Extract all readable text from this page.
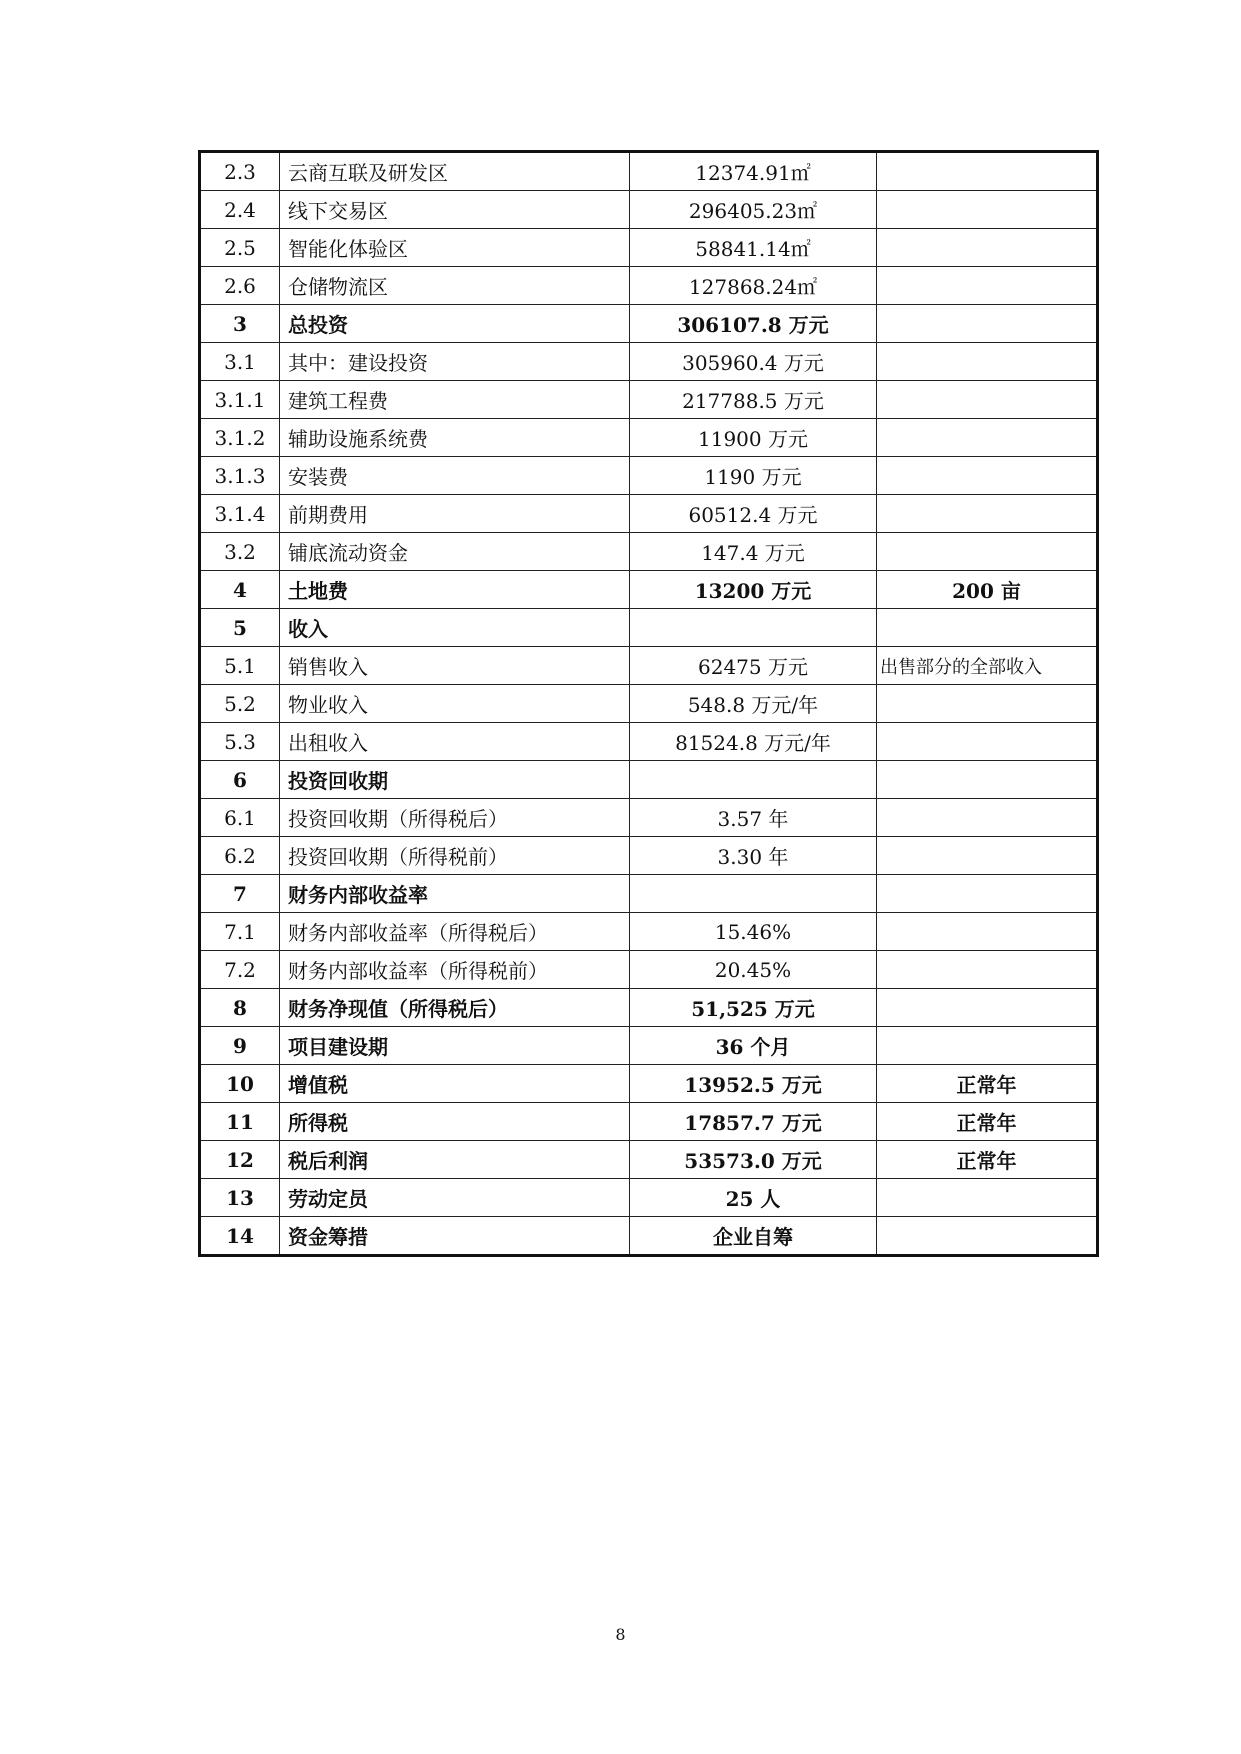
2.3	云商互联及研发区	12374.91㎡	
2.4	线下交易区	296405.23㎡	
2.5	智能化体验区	58841.14㎡	
2.6	仓储物流区	127868.24㎡	
3	总投资	306107.8 万元	
3.1	其中：建设投资	305960.4 万元	
3.1.1	建筑工程费	217788.5 万元	
3.1.2	辅助设施系统费	11900 万元	
3.1.3	安装费	1190 万元	
3.1.4	前期费用	60512.4 万元	
3.2	铺底流动资金	147.4 万元	
4	土地费	13200 万元	200 亩
5	收入		
5.1	销售收入	62475 万元	出售部分的全部收入
5.2	物业收入	548.8 万元/年	
5.3	出租收入	81524.8 万元/年	
6	投资回收期		
6.1	投资回收期（所得税后）	3.57 年	
6.2	投资回收期（所得税前）	3.30 年	
7	财务内部收益率		
7.1	财务内部收益率（所得税后）	15.46%	
7.2	财务内部收益率（所得税前）	20.45%	
8	财务净现值（所得税后）	51,525 万元	
9	项目建设期	36 个月	
10	增值税	13952.5 万元	正常年
11	所得税	17857.7 万元	正常年
12	税后利润	53573.0 万元	正常年
13	劳动定员	25 人	
14	资金筹措	企业自筹	
8
